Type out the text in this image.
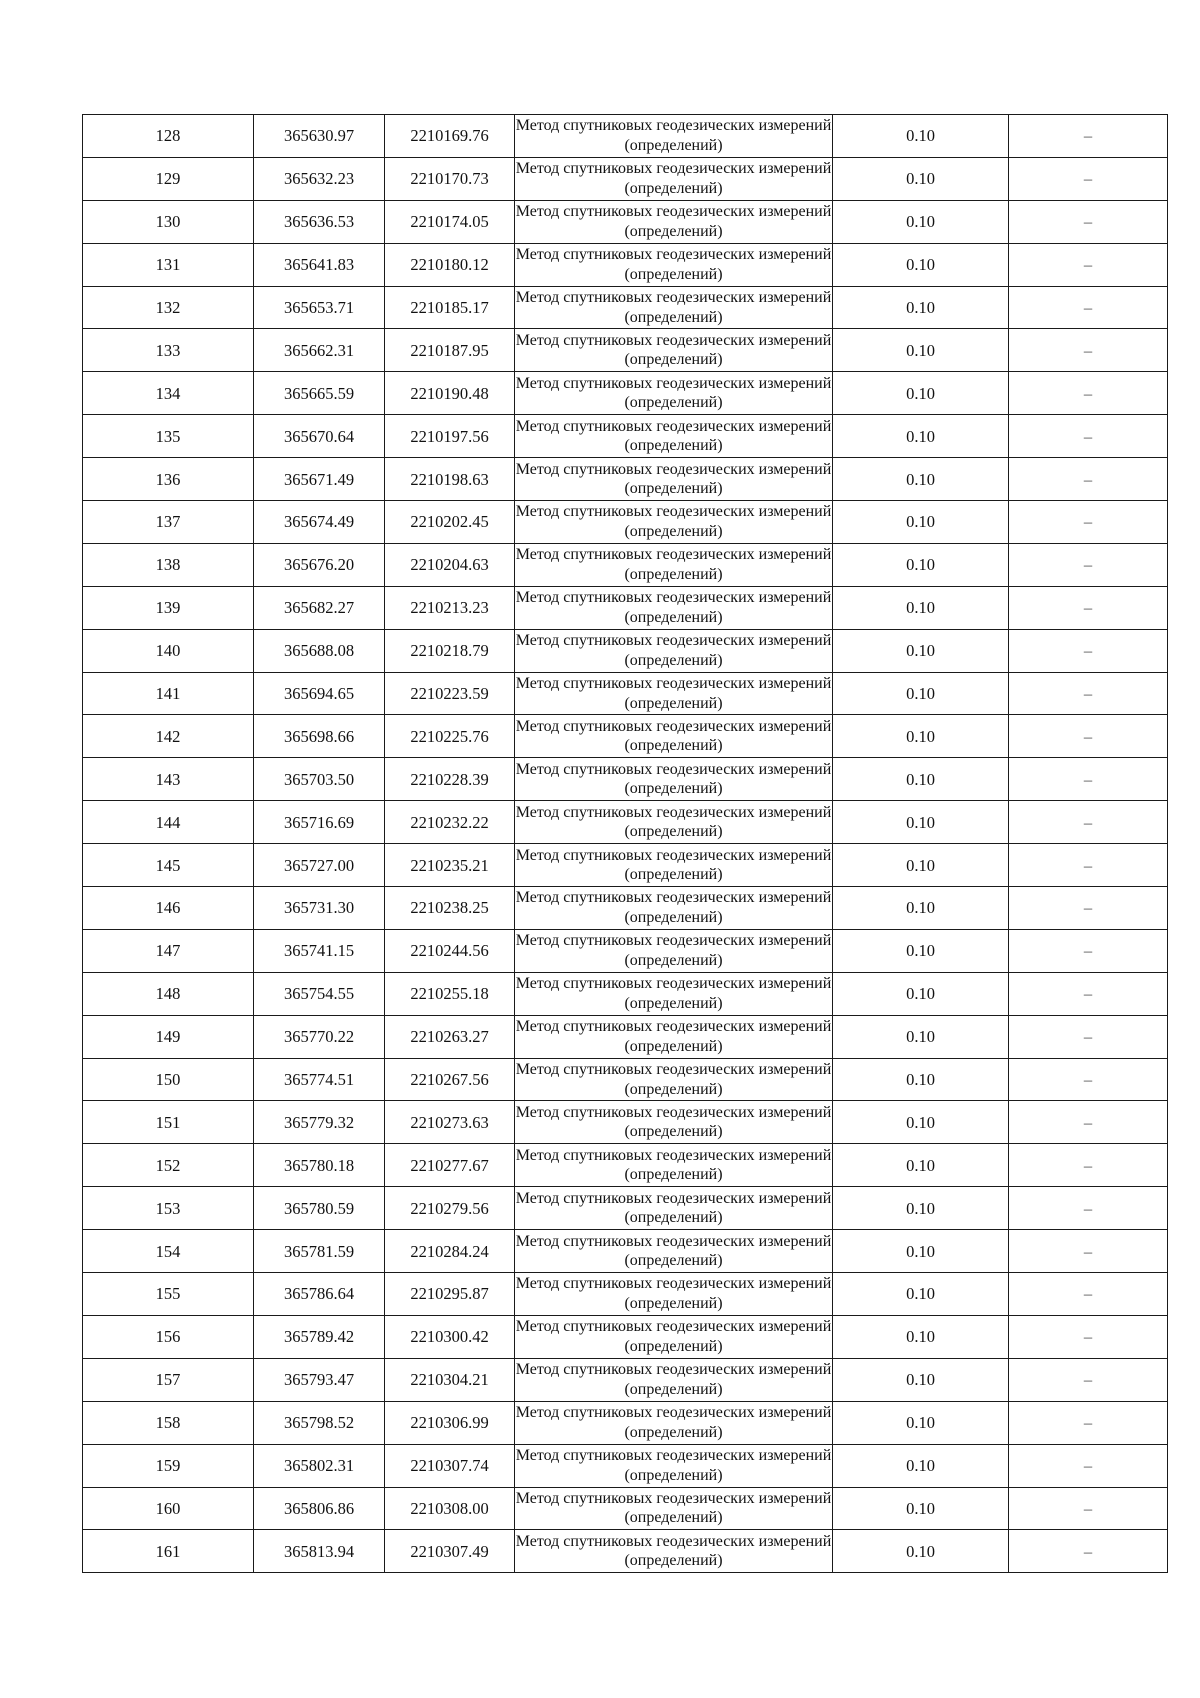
128	365630.97	2210169.76	Метод спутниковых геодезических измерений (определений)	0.10	–
129	365632.23	2210170.73	Метод спутниковых геодезических измерений (определений)	0.10	–
130	365636.53	2210174.05	Метод спутниковых геодезических измерений (определений)	0.10	–
131	365641.83	2210180.12	Метод спутниковых геодезических измерений (определений)	0.10	–
132	365653.71	2210185.17	Метод спутниковых геодезических измерений (определений)	0.10	–
133	365662.31	2210187.95	Метод спутниковых геодезических измерений (определений)	0.10	–
134	365665.59	2210190.48	Метод спутниковых геодезических измерений (определений)	0.10	–
135	365670.64	2210197.56	Метод спутниковых геодезических измерений (определений)	0.10	–
136	365671.49	2210198.63	Метод спутниковых геодезических измерений (определений)	0.10	–
137	365674.49	2210202.45	Метод спутниковых геодезических измерений (определений)	0.10	–
138	365676.20	2210204.63	Метод спутниковых геодезических измерений (определений)	0.10	–
139	365682.27	2210213.23	Метод спутниковых геодезических измерений (определений)	0.10	–
140	365688.08	2210218.79	Метод спутниковых геодезических измерений (определений)	0.10	–
141	365694.65	2210223.59	Метод спутниковых геодезических измерений (определений)	0.10	–
142	365698.66	2210225.76	Метод спутниковых геодезических измерений (определений)	0.10	–
143	365703.50	2210228.39	Метод спутниковых геодезических измерений (определений)	0.10	–
144	365716.69	2210232.22	Метод спутниковых геодезических измерений (определений)	0.10	–
145	365727.00	2210235.21	Метод спутниковых геодезических измерений (определений)	0.10	–
146	365731.30	2210238.25	Метод спутниковых геодезических измерений (определений)	0.10	–
147	365741.15	2210244.56	Метод спутниковых геодезических измерений (определений)	0.10	–
148	365754.55	2210255.18	Метод спутниковых геодезических измерений (определений)	0.10	–
149	365770.22	2210263.27	Метод спутниковых геодезических измерений (определений)	0.10	–
150	365774.51	2210267.56	Метод спутниковых геодезических измерений (определений)	0.10	–
151	365779.32	2210273.63	Метод спутниковых геодезических измерений (определений)	0.10	–
152	365780.18	2210277.67	Метод спутниковых геодезических измерений (определений)	0.10	–
153	365780.59	2210279.56	Метод спутниковых геодезических измерений (определений)	0.10	–
154	365781.59	2210284.24	Метод спутниковых геодезических измерений (определений)	0.10	–
155	365786.64	2210295.87	Метод спутниковых геодезических измерений (определений)	0.10	–
156	365789.42	2210300.42	Метод спутниковых геодезических измерений (определений)	0.10	–
157	365793.47	2210304.21	Метод спутниковых геодезических измерений (определений)	0.10	–
158	365798.52	2210306.99	Метод спутниковых геодезических измерений (определений)	0.10	–
159	365802.31	2210307.74	Метод спутниковых геодезических измерений (определений)	0.10	–
160	365806.86	2210308.00	Метод спутниковых геодезических измерений (определений)	0.10	–
161	365813.94	2210307.49	Метод спутниковых геодезических измерений (определений)	0.10	–
